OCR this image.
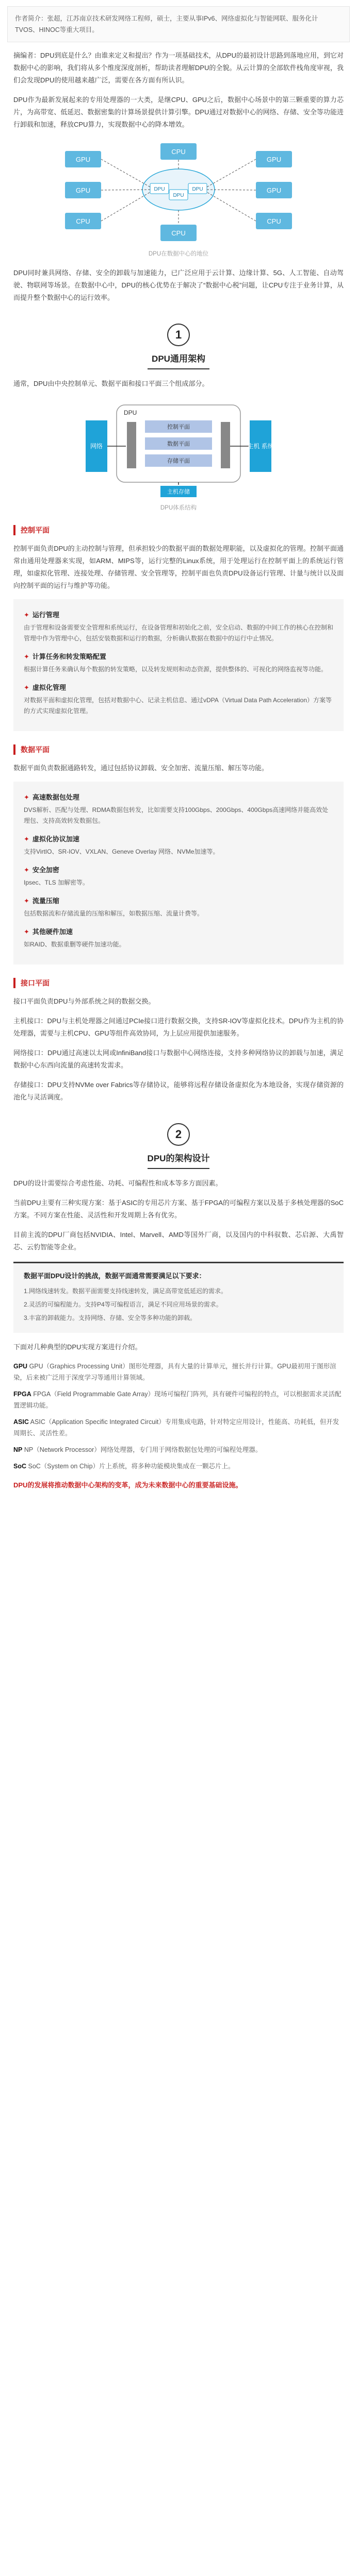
作者简介：张超，江苏南京技术研发网络工程师，硕士，主要从事IPv6、网络虚拟化与智能网联、服务化计TVOS、HINOC等重大项目。

摘编者：DPU到底是什么？由谁来定义和提出？作为一项基础技术，从DPU的最初设计思路到落地应用，到它对数据中心的影响，我们将从多个维度深度剖析，帮助读者理解DPU的全貌。从云计算的全部软件栈角度审视，我们会发现DPU的使用越来越广泛，需要在各方面有所认识。

DPU作为最新发展起来的专用处理器的一大类，是继CPU、GPU之后，数据中心场景中的第三颗重要的算力芯片，为高带宽、低延迟、数据密集的计算场景提供计算引擎。DPU通过对数据中心的网络、存储、安全等功能进行卸载和加速，释放CPU算力，实现数据中心的降本增效。

GPU
GPU
CPU
CPU
GPU
GPU
CPU
CPU
DPU
DPU
DPU
DPU在数据中心的地位

DPU同时兼具网络、存储、安全的卸载与加速能力，已广泛应用于云计算、边缘计算、5G、人工智能、自动驾驶、物联网等场景。在数据中心中，DPU的核心优势在于解决了“数据中心税”问题，让CPU专注于业务计算，从而提升整个数据中心的运行效率。

1
DPU通用架构

通常，DPU由中央控制单元、数据平面和接口平面三个组成部分。

网络	主机 系统
主机存储
控制平面
数据平面
存储平面
DPU
DPU体系结构
控制平面

控制平面负责DPU的主动控制与管理，但承担较少的数据平面的数据处理职能，以及虚拟化的管理。控制平面通常由通用处理器来实现，如ARM、MIPS等，运行完整的Linux系统，用于处理运行在控制平面上的系统运行管理，如虚拟化管理、连接处理、存储管理、安全管理等，控制平面也负责DPU设备运行管理、计量与统计以及面向控制平面的运行与维护等功能。

✦ 运行管理
由于管理和设备需要安全管理和系统运行，在设备管理和初始化之前，安全启动、数据的中间工作的核心在控制和管理中作为管理中心，包括安装数据和运行的数据，分析确认数据在数据中的运行中止情况。
✦ 计算任务和转发策略配置
根据计算任务来确认每个数据的转发策略，以及转发规则和动态资源，提供整体的、可视化的网络监视等功能。
✦ 虚拟化管理
对数据平面和虚拟化管理，包括对数据中心、记录主机信息、通过vDPA（Virtual Data Path Acceleration）方案等的方式实现虚拟化管理。
数据平面

数据平面负责数据通路转发，通过包括协议卸载、安全加密、流量压缩、解压等功能。

✦ 高速数据包处理
DVS解析、匹配与处理、RDMA数据包转发，比如需要支持100Gbps、200Gbps、400Gbps高速网络并能高效处理包、支持高效转发数据包。
✦ 虚拟化协议加速
支持VirtIO、SR-IOV、VXLAN、Geneve Overlay 网络、NVMe加速等。
✦ 安全加密
Ipsec、TLS 加解密等。
✦ 流量压缩
包括数据流和存储流量的压缩和解压，如数据压缩、流量计费等。
✦ 其他硬件加速
如RAID、数据重删等硬件加速功能。
接口平面

接口平面负责DPU与外部系统之间的数据交换。

主机接口：DPU与主机处理器之间通过PCIe接口进行数据交换，支持SR-IOV等虚拟化技术。DPU作为主机的协处理器，需要与主机CPU、GPU等组件高效协同，为上层应用提供加速服务。

网络接口：DPU通过高速以太网或InfiniBand接口与数据中心网络连接，支持多种网络协议的卸载与加速，满足数据中心东西向流量的高速转发需求。

存储接口：DPU支持NVMe over Fabrics等存储协议，能够将远程存储设备虚拟化为本地设备，实现存储资源的池化与灵活调度。

2
DPU的架构设计

DPU的设计需要综合考虑性能、功耗、可编程性和成本等多方面因素。

当前DPU主要有三种实现方案：基于ASIC的专用芯片方案、基于FPGA的可编程方案以及基于多核处理器的SoC方案。不同方案在性能、灵活性和开发周期上各有优劣。

目前主流的DPU厂商包括NVIDIA、Intel、Marvell、AMD等国外厂商，以及国内的中科驭数、芯启源、大禹智芯、云豹智能等企业。

数据平面DPU设计的挑战，数据平面通常需要满足以下要求：
1.网络线速转发。数据平面需要支持线速转发，满足高带宽低延迟的需求。
2.灵活的可编程能力。支持P4等可编程语言，满足不同应用场景的需求。
3.丰富的卸载能力。支持网络、存储、安全等多种功能的卸载。

下面对几种典型的DPU实现方案进行介绍。

GPU GPU（Graphics Processing Unit）图形处理器，具有大量的计算单元，擅长并行计算。GPU最初用于图形渲染，后来被广泛用于深度学习等通用计算领域。

FPGA FPGA（Field Programmable Gate Array）现场可编程门阵列，具有硬件可编程的特点，可以根据需求灵活配置逻辑功能。

ASIC ASIC（Application Specific Integrated Circuit）专用集成电路，针对特定应用设计，性能高、功耗低，但开发周期长、灵活性差。

NP NP（Network Processor）网络处理器，专门用于网络数据包处理的可编程处理器。

SoC SoC（System on Chip）片上系统，将多种功能模块集成在一颗芯片上。

DPU的发展将推动数据中心架构的变革，成为未来数据中心的重要基础设施。
